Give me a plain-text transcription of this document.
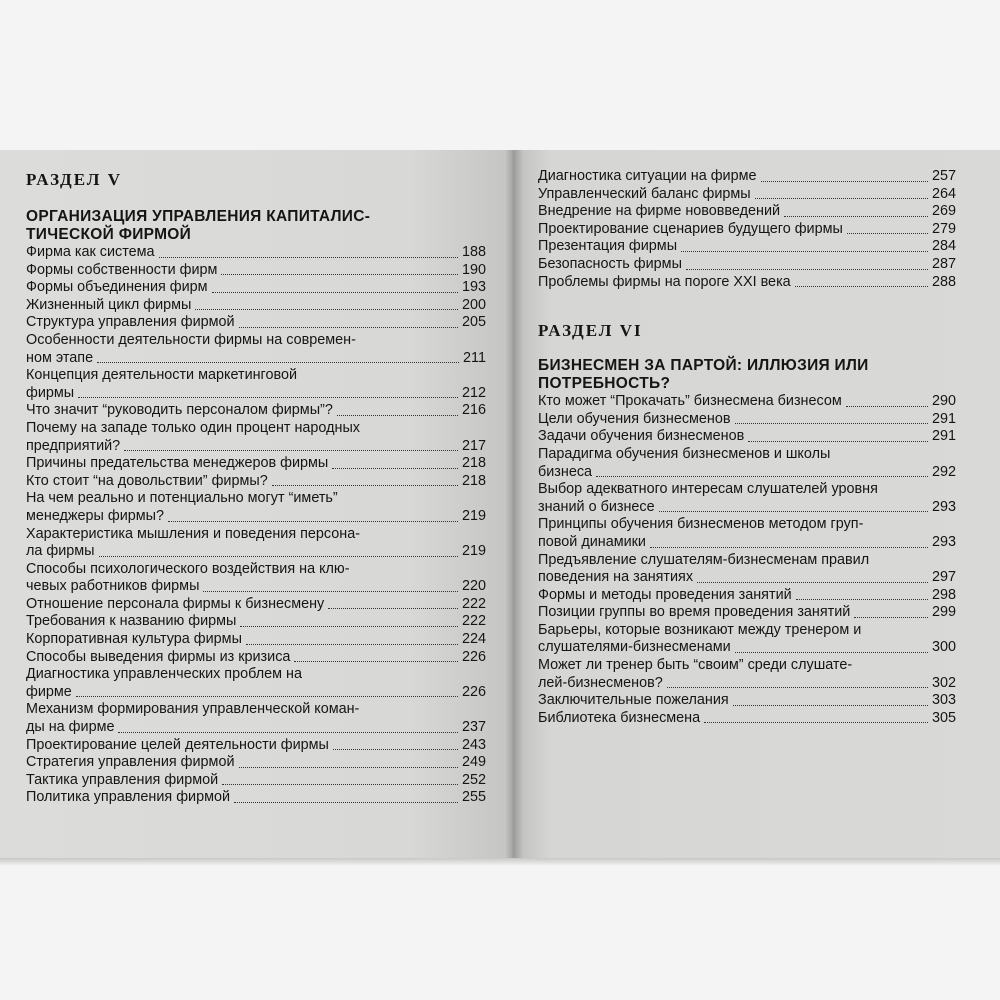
РАЗДЕЛ V

ОРГАНИЗАЦИЯ УПРАВЛЕНИЯ КАПИТАЛИС-
ТИЧЕСКОЙ ФИРМОЙ

Фирма как система	188
Формы собственности фирм	190
Формы объединения фирм	193
Жизненный цикл фирмы	200
Структура управления фирмой	205
Особенности деятельности фирмы на современ-
ном этапе	211
Концепция деятельности маркетинговой
фирмы	212
Что значит “руководить персоналом фирмы”?	216
Почему на западе только один процент народных
предприятий?	217
Причины предательства менеджеров фирмы	218
Кто стоит “на довольствии” фирмы?	218
На чем реально и потенциально могут “иметь”
менеджеры фирмы?	219
Характеристика мышления и поведения персона-
ла фирмы	219
Способы психологического воздействия на клю-
чевых работников фирмы	220
Отношение персонала фирмы к бизнесмену	222
Требования к названию фирмы	222
Корпоративная культура фирмы	224
Способы выведения фирмы из кризиса	226
Диагностика управленческих проблем на
фирме	226
Механизм формирования управленческой коман-
ды на фирме	237
Проектирование целей деятельности фирмы	243
Стратегия управления фирмой	249
Тактика управления фирмой	252
Политика управления фирмой	255
Диагностика ситуации на фирме	257
Управленческий баланс фирмы	264
Внедрение на фирме нововведений	269
Проектирование сценариев будущего фирмы	279
Презентация фирмы	284
Безопасность фирмы	287
Проблемы фирмы на пороге XXI века	288

РАЗДЕЛ VI

БИЗНЕСМЕН ЗА ПАРТОЙ: ИЛЛЮЗИЯ ИЛИ
ПОТРЕБНОСТЬ?

Кто может “Прокачать” бизнесмена бизнесом	290
Цели обучения бизнесменов	291
Задачи обучения бизнесменов	291
Парадигма обучения бизнесменов и школы
бизнеса	292
Выбор адекватного интересам слушателей уровня
знаний о бизнесе	293
Принципы обучения бизнесменов методом груп-
повой динамики	293
Предъявление слушателям-бизнесменам правил
поведения на занятиях	297
Формы и методы проведения занятий	298
Позиции группы во время проведения занятий	299
Барьеры, которые возникают между тренером и
слушателями-бизнесменами	300
Может ли тренер быть “своим” среди слушате-
лей-бизнесменов?	302
Заключительные пожелания	303
Библиотека бизнесмена	305
